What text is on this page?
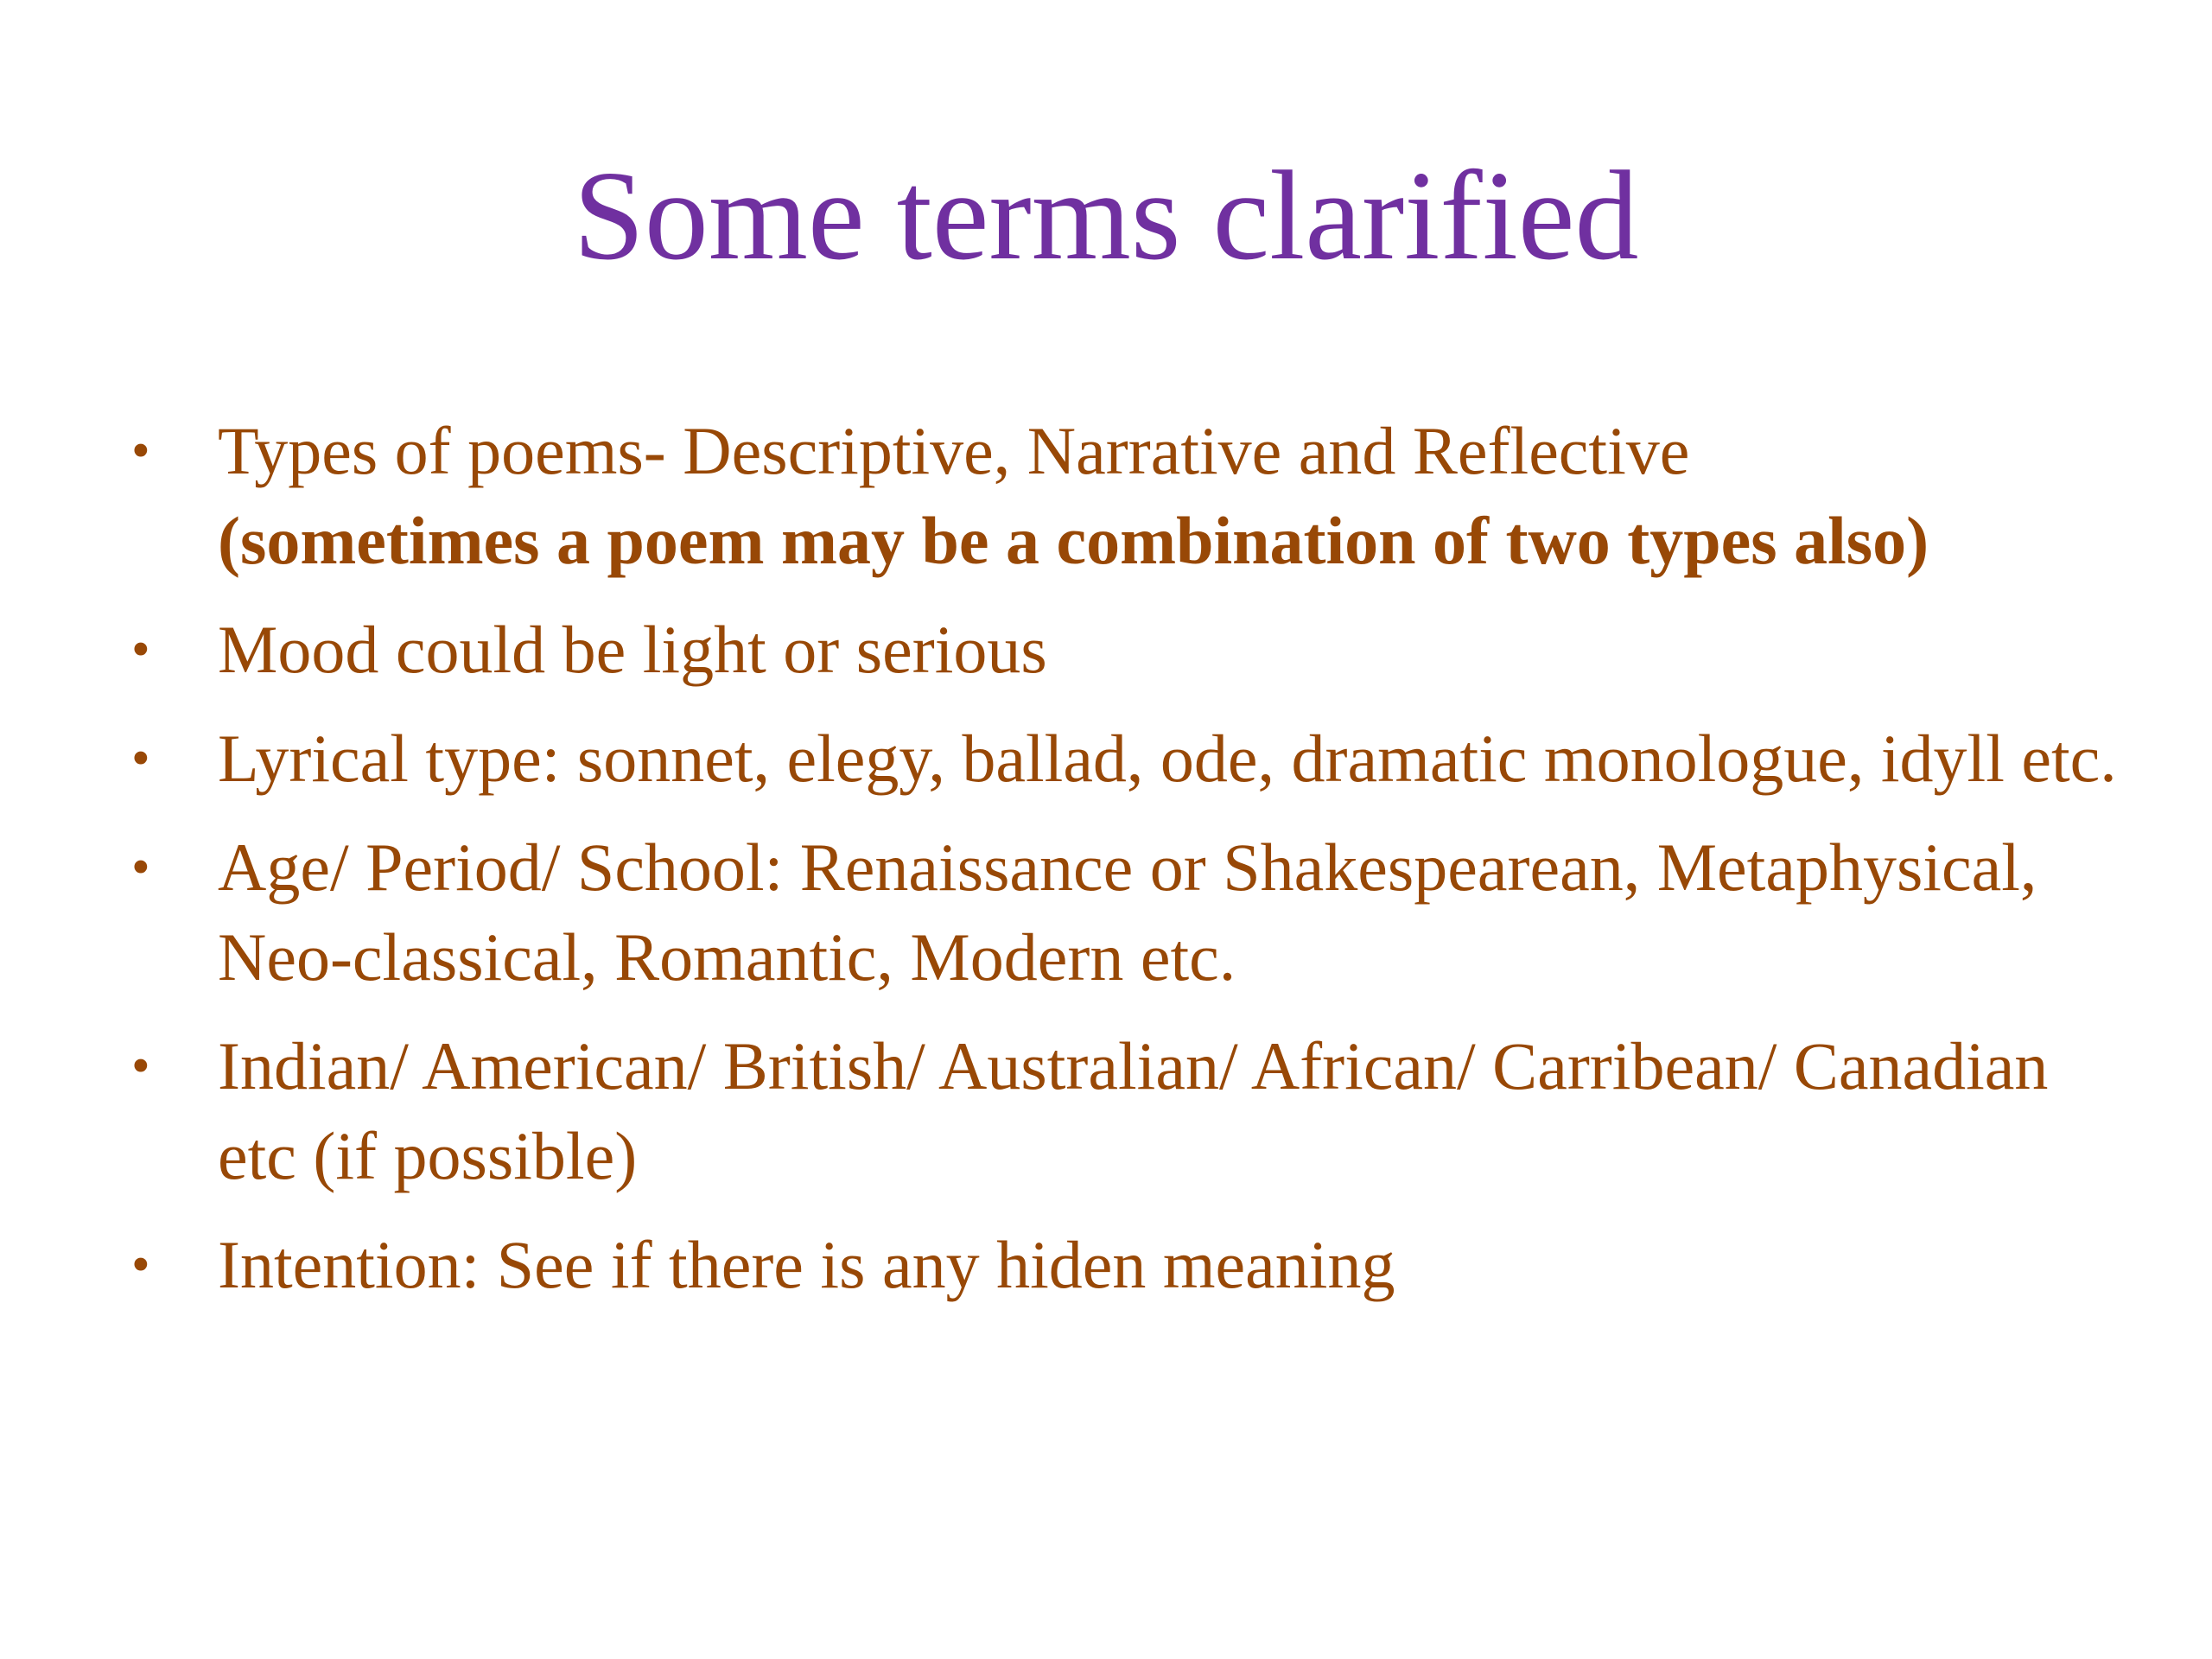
Some terms clarified
• Types of poems- Descriptive, Narrative and Reflective
(sometimes a poem may be a combination of two types also)
• Mood could be light or serious
• Lyrical type: sonnet, elegy, ballad, ode, dramatic monologue, idyll etc.
• Age/ Period/ School: Renaissance or Shakespearean, Metaphysical, Neo-classical, Romantic, Modern etc.
• Indian/ American/ British/ Australian/ African/ Carribean/ Canadian etc (if possible)
• Intention: See if there is any hiden meaning
